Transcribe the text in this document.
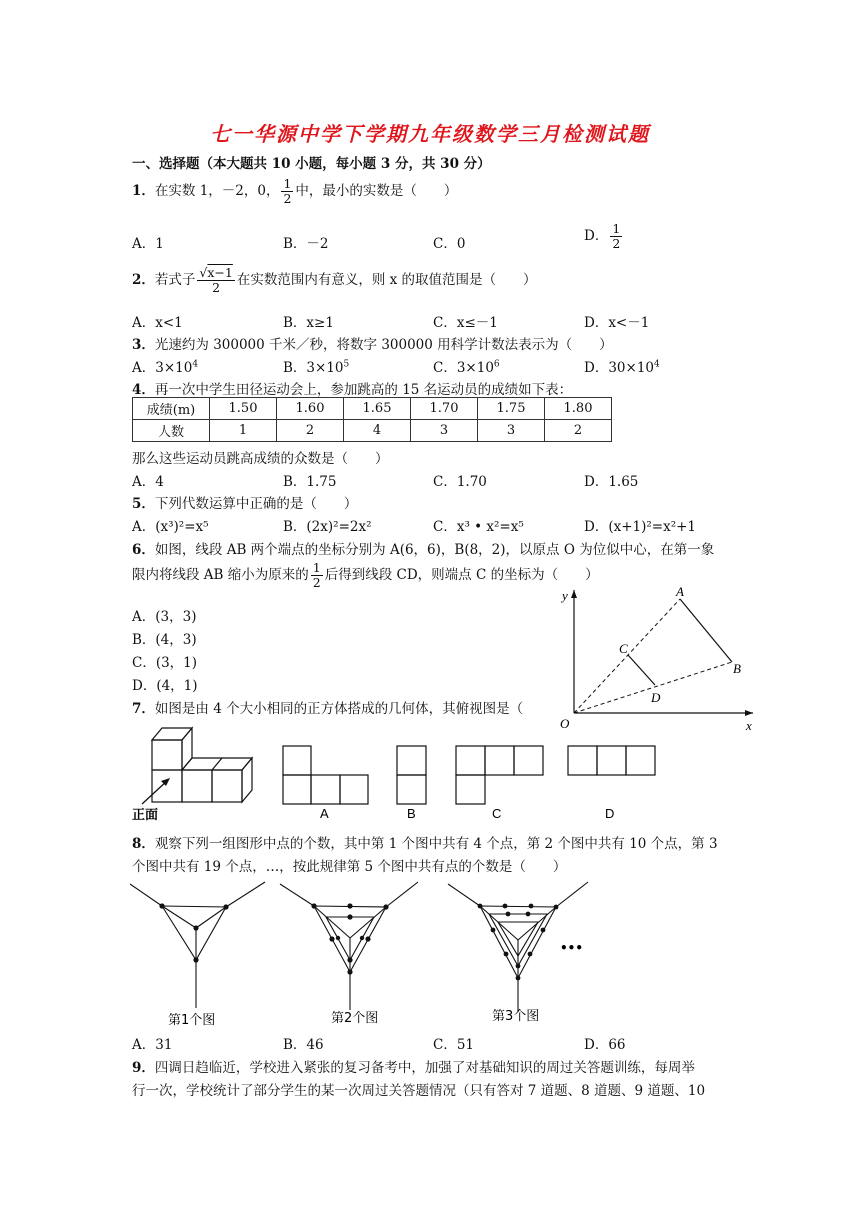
七一华源中学下学期九年级数学三月检测试题
一、选择题（本大题共 10 小题，每小题 3 分，共 30 分）
1．在实数 1，－2，0， $\frac{1}{2}$ 中，最小的实数是（　　）
A．1	B．－2	C．0
D． $\frac{1}{2}$
2．若式子 $\frac{√x-1}{2}$ 在实数范围内有意义，则 x 的取值范围是（　　）
A．x<1	B．x≥1	C．x≤－1	D．x<－1
3．光速约为 300000 千米／秒，将数字 300000 用科学计数法表示为（　　）
A．$3\times 10^4$	B．$3\times 10^5$	C．$3\times 10^6$	D．$30\times 10^4$
4．再一次中学生田径运动会上，参加跳高的 15 名运动员的成绩如下表：
成绩(m)	1.50	1.60	1.65	1.70	1.75	1.80
人数	1	2	4	3	3	2
那么这些运动员跳高成绩的众数是（　　）
A．4	B．1.75	C．1.70	D．1.65
5．下列代数运算中正确的是（　　）
A．(x³)²=x⁵	B．(2x)²=2x²	C．x³ • x²=x⁵	D．(x+1)²=x²+1
6．如图，线段 AB 两个端点的坐标分别为 A(6，6)，B(8，2)，以原点 O 为位似中心，在第一象
限内将线段 AB 缩小为原来的 $\frac{1}{2}$ 后得到线段 CD，则端点 C 的坐标为（　　）
A．(3，3)
B．(4，3)
C．(3，1)
D．(4，1)
y
x
O
A
B
C
D
7．如图是由 4 个大小相同的正方体搭成的几何体，其俯视图是（
正面	A	B	C	D
8．观察下列一组图形中点的个数，其中第 1 个图中共有 4 个点，第 2 个图中共有 10 个点，第 3
个图中共有 19 个点，…，按此规律第 5 个图中共有点的个数是（　　）
•••
第1个图	第2个图	第3个图
A．31	B．46	C．51	D．66
9．四调日趋临近，学校进入紧张的复习备考中，加强了对基础知识的周过关答题训练，每周举
行一次，学校统计了部分学生的某一次周过关答题情况（只有答对 7 道题、8 道题、9 道题、10
